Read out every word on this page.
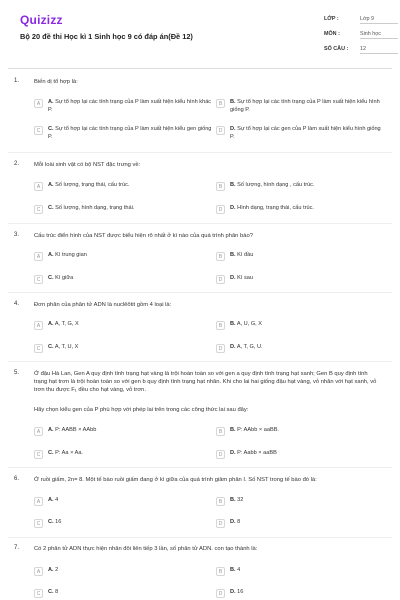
Quizizz
Bộ 20 đề thi Học kì 1 Sinh học 9 có đáp án(Đề 12)
LỚP :	Lớp 9
MÔN :	Sinh học
SỐ CÂU :	12
1.	Biến dị tổ hợp là:
A	A. Sự tổ hợp lại các tính trạng của P làm xuất hiện kiểu hình khác P.
B	B. Sự tổ hợp lại các tính trạng của P làm xuất hiện kiểu hình giống P.
C	C. Sự tổ hợp lại các tính trạng của P làm xuất hiện kiểu gen giống P.
D	D. Sự tổ hợp lại các gen của P làm xuất hiện kiểu hình giống P.
2.	Mỗi loài sinh vật có bộ NST đặc trưng về:
A	A. Số lượng, trạng thái, cấu trúc.	B	B. Số lượng, hình dạng , cấu trúc.
C	C. Số lượng, hình dạng, trạng thái.	D	D. Hình dạng, trạng thái, cấu trúc.
3.	Cấu trúc điển hình của NST được biểu hiện rõ nhất ở kì nào của quá trình phân bào?
A	A. Kì trung gian	B	B. Kì đầu
C	C. Kì giữa	D	D. Kì sau
4.	Đơn phân của phân tử ADN là nuclêôtit gồm 4 loại là:
A	A. A, T, G, X	B	B. A, U, G, X
C	C. A, T, U, X	D	D. A, T, G, U.
5.	Ở đậu Hà Lan, Gen A quy định tính trạng hạt vàng là trội hoàn toàn so với gen a quy định tính trạng hạt xanh; Gen B quy định tính trạng hạt trơn là trội hoàn toàn so với gen b quy định tính trạng hạt nhăn. Khi cho lai hai giống đậu hạt vàng, vỏ nhăn với hạt xanh, vỏ trơn thu được F₁ đều cho hạt vàng, vỏ trơn.
Hãy chọn kiểu gen của P phù hợp với phép lai trên trong các công thức lai sau đây:
A	A. P: AABB × AAbb	B	B. P: AAbb × aaBB.
C	C. P: Aa × Aa.	D	D. P: Aabb × aaBB
6.	Ở ruồi giấm, 2n= 8. Một tế bào ruồi giấm đang ở kì giữa của quá trình giảm phân I. Số NST trong tế bào đó là:
A	A. 4	B	B. 32
C	C. 16	D	D. 8
7.	Có 2 phân tử ADN thực hiện nhân đôi liên tiếp 3 lần, số phân tử ADN. con tạo thành là:
A	A. 2	B	B. 4
C	C. 8	D	D. 16
